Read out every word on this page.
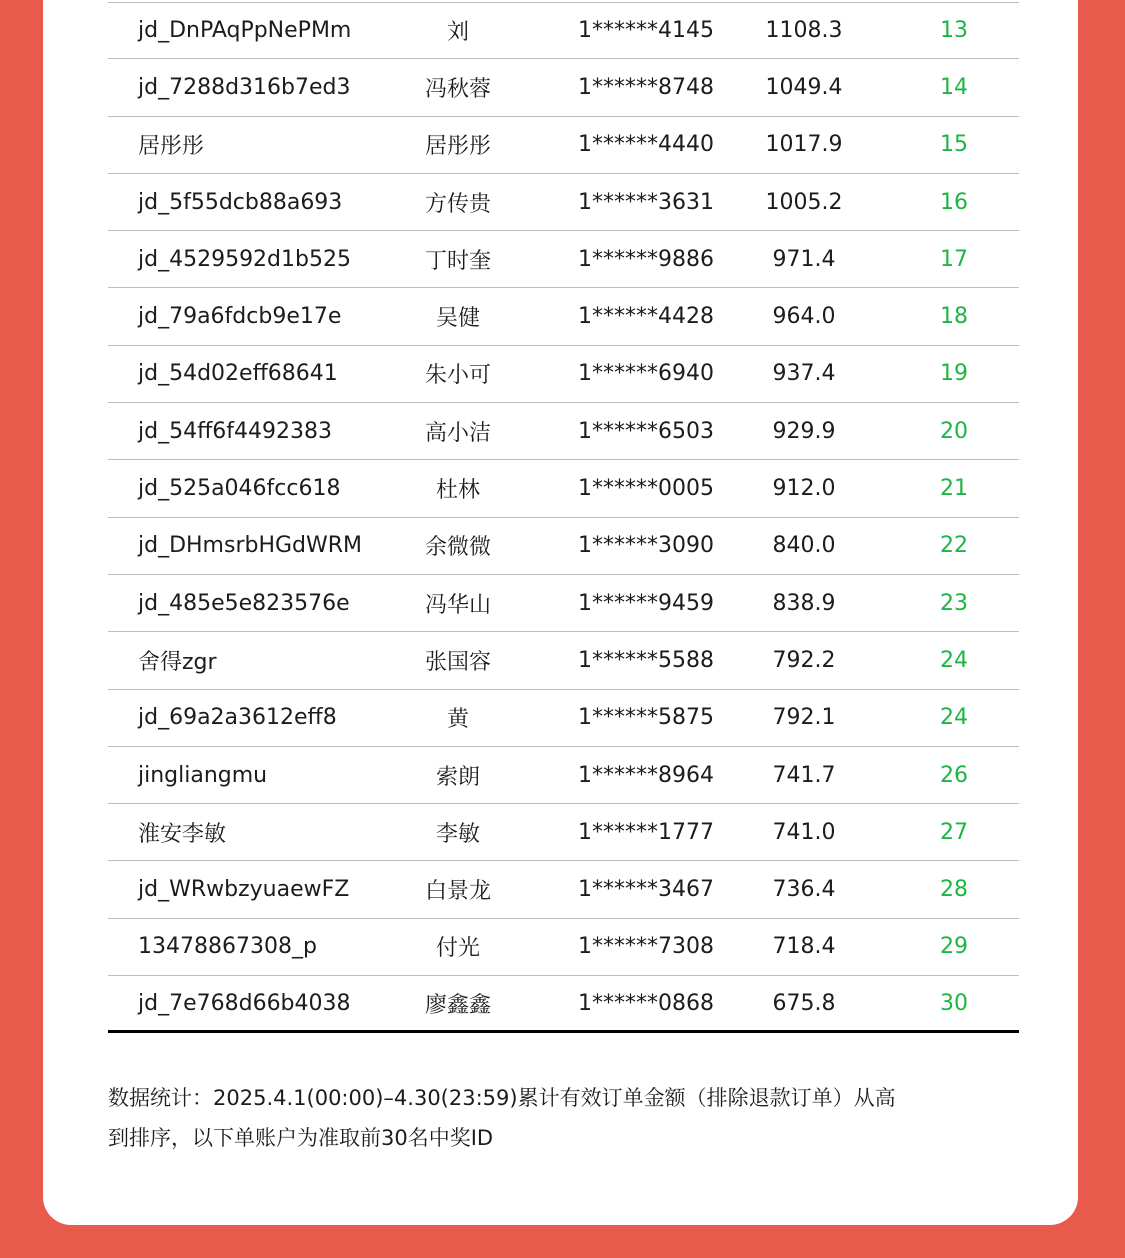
jd_DnPAqPpNePMm	刘	1******4145	1108.3	13
jd_7288d316b7ed3	冯秋蓉	1******8748	1049.4	14
居彤彤	居彤彤	1******4440	1017.9	15
jd_5f55dcb88a693	方传贵	1******3631	1005.2	16
jd_4529592d1b525	丁时奎	1******9886	971.4	17
jd_79a6fdcb9e17e	吴健	1******4428	964.0	18
jd_54d02eff68641	朱小可	1******6940	937.4	19
jd_54ff6f4492383	高小洁	1******6503	929.9	20
jd_525a046fcc618	杜林	1******0005	912.0	21
jd_DHmsrbHGdWRM	余微微	1******3090	840.0	22
jd_485e5e823576e	冯华山	1******9459	838.9	23
舍得zgr	张国容	1******5588	792.2	24
jd_69a2a3612eff8	黄	1******5875	792.1	24
jingliangmu	索朗	1******8964	741.7	26
淮安李敏	李敏	1******1777	741.0	27
jd_WRwbzyuaewFZ	白景龙	1******3467	736.4	28
13478867308_p	付光	1******7308	718.4	29
jd_7e768d66b4038	廖鑫鑫	1******0868	675.8	30
数据统计：2025.4.1(00:00)–4.30(23:59)累计有效订单金额（排除退款订单）从高
到排序，以下单账户为准取前30名中奖ID
